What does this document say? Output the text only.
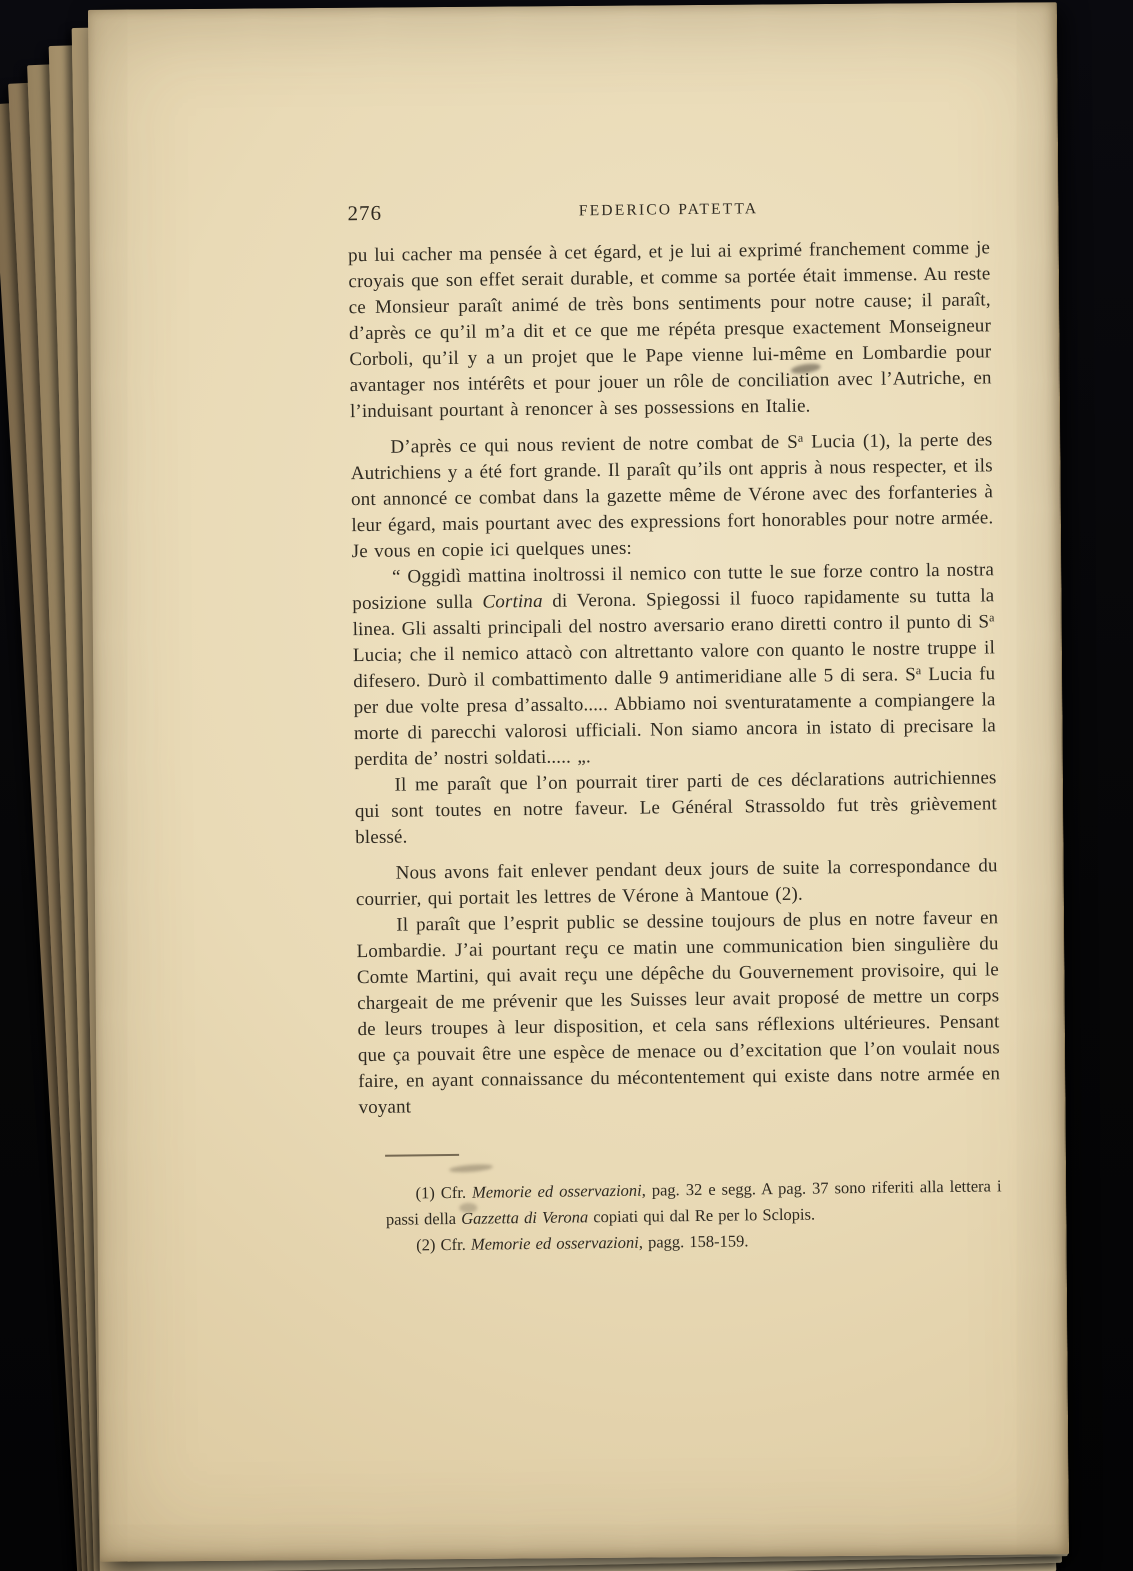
276	FEDERICO PATETTA

pu lui cacher ma pensée à cet égard, et je lui ai exprimé franchement comme je croyais que son effet serait durable, et comme sa portée était immense. Au reste ce Monsieur paraît animé de très bons sentiments pour notre cause; il paraît, d’après ce qu’il m’a dit et ce que me répéta presque exactement Monseigneur Corboli, qu’il y a un projet que le Pape vienne lui-même en Lombardie pour avantager nos intérêts et pour jouer un rôle de conciliation avec l’Autriche, en l’induisant pourtant à renoncer à ses possessions en Italie.

D’après ce qui nous revient de notre combat de $S^a$ Lucia (1), la perte des Autrichiens y a été fort grande. Il paraît qu’ils ont appris à nous respecter, et ils ont annoncé ce combat dans la gazette même de Vérone avec des forfanteries à leur égard, mais pourtant avec des expressions fort honorables pour notre armée. Je vous en copie ici quelques unes:

“ Oggidì mattina inoltrossi il nemico con tutte le sue forze contro la nostra posizione sulla Cortina di Verona. Spiegossi il fuoco rapidamente su tutta la linea. Gli assalti principali del nostro aversario erano diretti contro il punto di $S^a$ Lucia; che il nemico attacò con altrettanto valore con quanto le nostre truppe il difesero. Durò il combattimento dalle 9 antimeridiane alle 5 di sera. $S^a$ Lucia fu per due volte presa d’assalto..... Abbiamo noi sventuratamente a compiangere la morte di parecchi valorosi ufficiali. Non siamo ancora in istato di precisare la perdita de’ nostri soldati..... „.

Il me paraît que l’on pourrait tirer parti de ces déclarations autrichiennes qui sont toutes en notre faveur. Le Général Strassoldo fut très grièvement blessé.

Nous avons fait enlever pendant deux jours de suite la correspondance du courrier, qui portait les lettres de Vérone à Mantoue (2).

Il paraît que l’esprit public se dessine toujours de plus en notre faveur en Lombardie. J’ai pourtant reçu ce matin une communication bien singulière du Comte Martini, qui avait reçu une dépêche du Gouvernement provisoire, qui le chargeait de me prévenir que les Suisses leur avait proposé de mettre un corps de leurs troupes à leur disposition, et cela sans réflexions ultérieures. Pensant que ça pouvait être une espèce de menace ou d’excitation que l’on voulait nous faire, en ayant connaissance du mécontentement qui existe dans notre armée en voyant

(1) Cfr. Memorie ed osservazioni, pag. 32 e segg. A pag. 37 sono riferiti alla lettera i passi della Gazzetta di Verona copiati qui dal Re per lo Sclopis.

(2) Cfr. Memorie ed osservazioni, pagg. 158-159.
